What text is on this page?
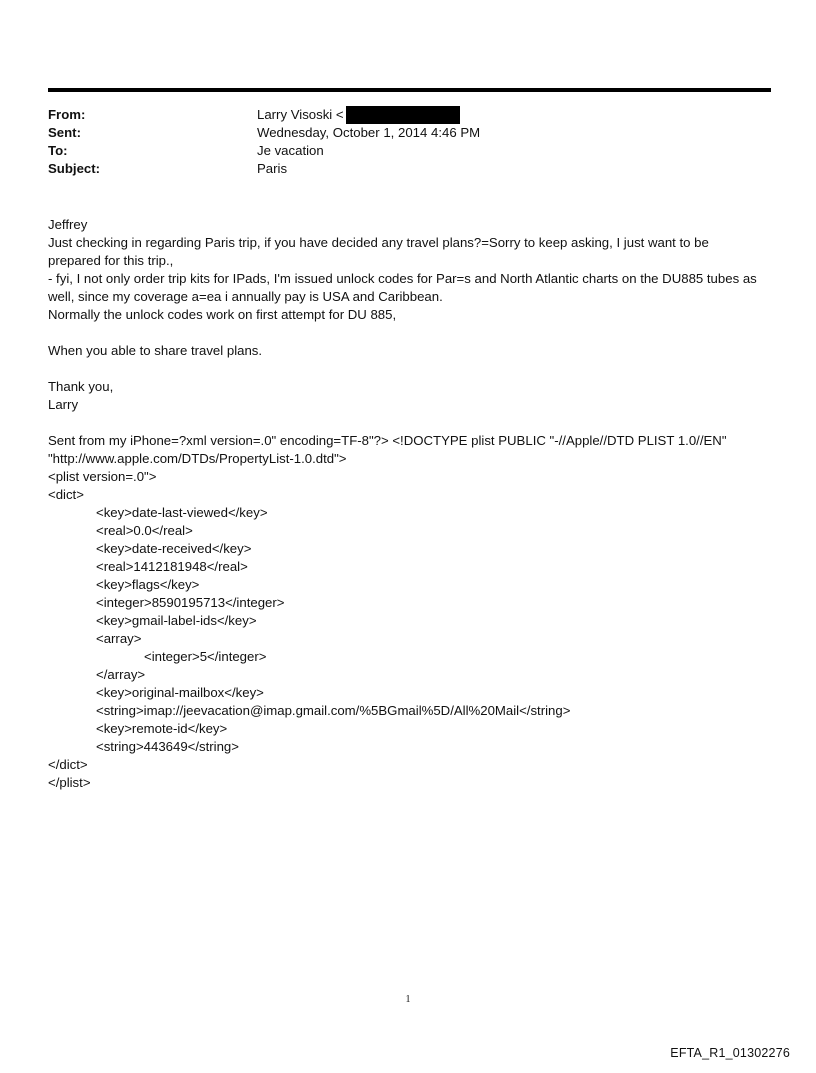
From:	Larry Visoski <
Sent:	Wednesday, October 1, 2014 4:46 PM
To:	Je vacation
Subject:	Paris
Jeffrey
Just checking in regarding Paris trip, if you have decided any travel plans?=Sorry to keep asking, I just want to be prepared for this trip.,
- fyi, I not only order trip kits for IPads, I'm issued unlock codes for Par=s and North Atlantic charts on the DU885 tubes as well, since my coverage a=ea i annually pay is USA and Caribbean.
Normally the unlock codes work on first attempt for DU 885,
When you able to share travel plans.
Thank you,
Larry
Sent from my iPhone=?xml version=.0" encoding=TF-8"?> <!DOCTYPE plist PUBLIC "-//Apple//DTD PLIST 1.0//EN" "http://www.apple.com/DTDs/PropertyList-1.0.dtd">
<plist version=.0">
<dict>
<key>date-last-viewed</key>
<real>0.0</real>
<key>date-received</key>
<real>1412181948</real>
<key>flags</key>
<integer>8590195713</integer>
<key>gmail-label-ids</key>
<array>
<integer>5</integer>
</array>
<key>original-mailbox</key>
<string>imap://jeevacation@imap.gmail.com/%5BGmail%5D/All%20Mail</string>
<key>remote-id</key>
<string>443649</string>
</dict>
</plist>
1
EFTA_R1_01302276
